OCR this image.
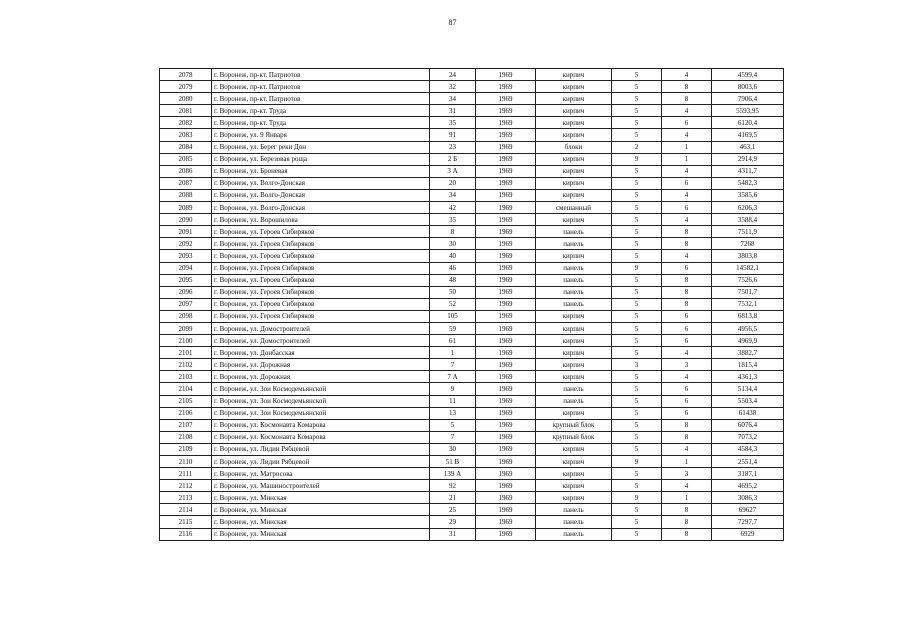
87
2078	г. Воронеж, пр-кт. Патриотов	24	1969	кирпич	5	4	4599,4
2079	г. Воронеж, пр-кт. Патриотов	32	1969	кирпич	5	8	8003,6
2080	г. Воронеж, пр-кт. Патриотов	34	1969	кирпич	5	8	7906,4
2081	г. Воронеж, пр-кт. Труда	31	1969	кирпич	5	4	5593,95
2082	г. Воронеж, пр-кт. Труда	35	1969	кирпич	5	6	6120,4
2083	г. Воронеж, ул. 9 Января	91	1969	кирпич	5	4	4169,5
2084	г. Воронеж, ул. Берег реки Дон	23	1969	блоки	2	1	463,1
2085	г. Воронеж, ул. Березовая роща	2 Б	1969	кирпич	9	1	2914,9
2086	г. Воронеж, ул. Броневая	3 А	1969	кирпич	5	4	4311,7
2087	г. Воронеж, ул. Волго-Донская	20	1969	кирпич	5	6	5482,3
2088	г. Воронеж, ул. Волго-Донская	34	1969	кирпич	5	4	3585,6
2089	г. Воронеж, ул. Волго-Донская	42	1969	смешанный	5	6	6206,3
2090	г. Воронеж, ул. Ворошилова	35	1969	кирпич	5	4	3588,4
2091	г. Воронеж, ул. Героев Сибиряков	8	1969	панель	5	8	7511,9
2092	г. Воронеж, ул. Героев Сибиряков	30	1969	панель	5	8	7268
2093	г. Воронеж, ул. Героев Сибиряков	40	1969	кирпич	5	4	3803,8
2094	г. Воронеж, ул. Героев Сибиряков	46	1969	панель	9	6	14582,1
2095	г. Воронеж, ул. Героев Сибиряков	48	1969	панель	5	8	7526,6
2096	г. Воронеж, ул. Героев Сибиряков	50	1969	панель	5	8	7501,7
2097	г. Воронеж, ул. Героев Сибиряков	52	1969	панель	5	8	7532,1
2098	г. Воронеж, ул. Героев Сибиряков	105	1969	кирпич	5	6	6813,8
2099	г. Воронеж, ул. Домостроителей	59	1969	кирпич	5	6	4956,5
2100	г. Воронеж, ул. Домостроителей	61	1969	кирпич	5	6	4969,9
2101	г. Воронеж, ул. Донбасская	1	1969	кирпич	5	4	3882,7
2102	г. Воронеж, ул. Дорожная	7	1969	кирпич	3	3	1815,4
2103	г. Воронеж, ул. Дорожная	7 А	1969	кирпич	5	4	4361,3
2104	г. Воронеж, ул. Зои Космодемьянской	9	1969	панель	5	6	5134,4
2105	г. Воронеж, ул. Зои Космодемьянской	11	1969	панель	5	6	5503,4
2106	г. Воронеж, ул. Зои Космодемьянской	13	1969	кирпич	5	6	61438
2107	г. Воронеж, ул. Космонавта Комарова	5	1969	крупный блок	5	8	6076,4
2108	г. Воронеж, ул. Космонавта Комарова	7	1969	крупный блок	5	8	7073,2
2109	г. Воронеж, ул. Лидии Рябцевой	30	1969	кирпич	5	4	4584,3
2110	г. Воронеж, ул. Лидии Рябцевой	51 В	1969	кирпич	9	1	2551,4
2111	г. Воронеж, ул. Матросова	139 А	1969	кирпич	5	3	3187,1
2112	г. Воронеж, ул. Машиностроителей	92	1969	кирпич	5	4	4695,2
2113	г. Воронеж, ул. Минская	21	1969	кирпич	9	1	3086,3
2114	г. Воронеж, ул. Минская	25	1969	панель	5	8	69627
2115	г. Воронеж, ул. Минская	29	1969	панель	5	8	7297,7
2116	г. Воронеж, ул. Минская	31	1969	панель	5	8	6929
